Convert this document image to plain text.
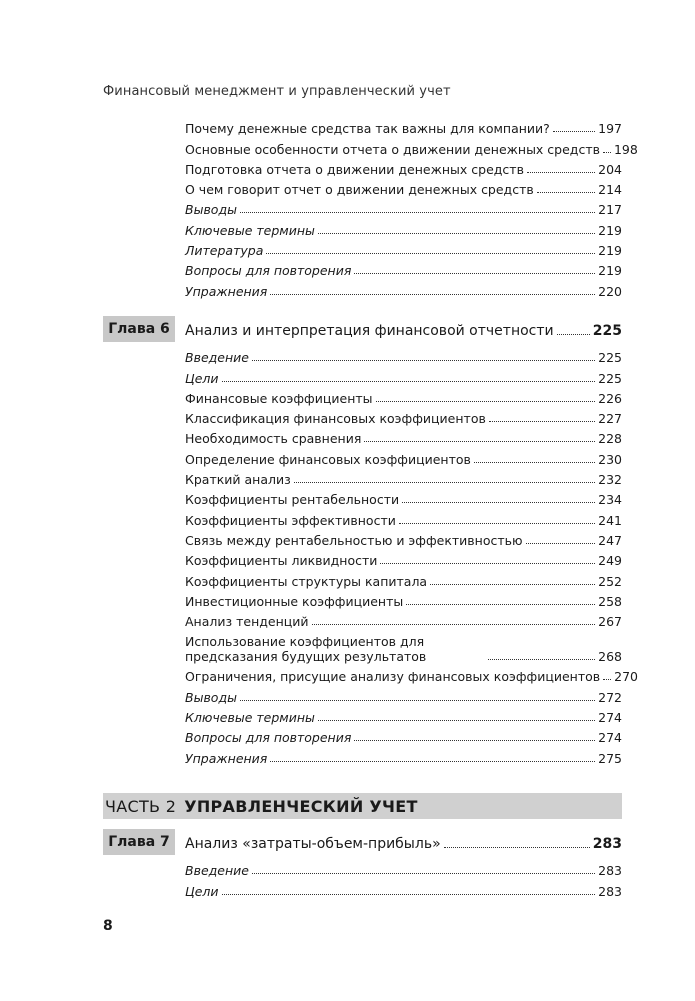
Финансовый менеджмент и управленческий учет
Почему денежные средства так важны для компании?	197
Основные особенности отчета о движении денежных средств 198
Подготовка отчета о движении денежных средств	204
О чем говорит отчет о движении денежных средств	214
Выводы	217
Ключевые термины	219
Литература	219
Вопросы для повторения	219
Упражнения	220
Глава 6	Анализ и интерпретация финансовой отчетности	225
Введение	225
Цели	225
Финансовые коэффициенты	226
Классификация финансовых коэффициентов	227
Необходимость сравнения	228
Определение финансовых коэффициентов	230
Краткий анализ	232
Коэффициенты рентабельности	234
Коэффициенты эффективности	241
Связь между рентабельностью и эффективностью	247
Коэффициенты ликвидности	249
Коэффициенты структуры капитала	252
Инвестиционные коэффициенты	258
Анализ тенденций	267
Использование коэффициентов для предсказания будущих результатов	268
Ограничения, присущие анализу финансовых коэффициентов 270
Выводы	272
Ключевые термины	274
Вопросы для повторения	274
Упражнения	275
ЧАСТЬ 2 УПРАВЛЕНЧЕСКИЙ УЧЕТ
Глава 7	Анализ «затраты-объем-прибыль»	283
Введение	283
Цели	283
8
